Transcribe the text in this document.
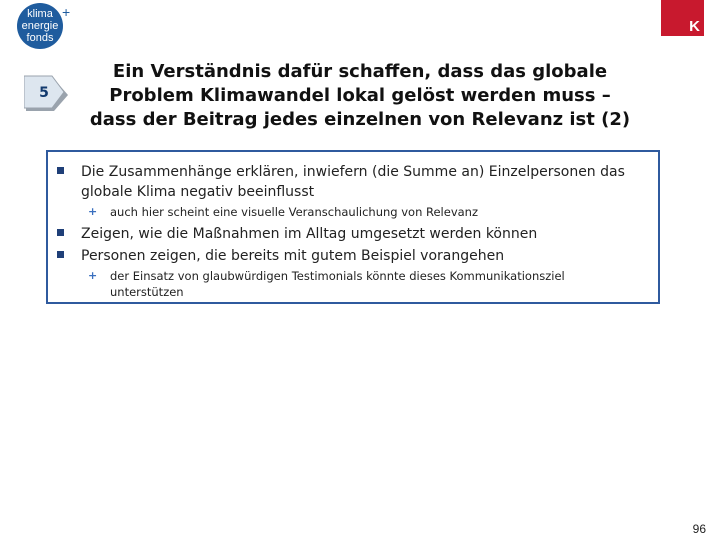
klima
energie
fonds
+
K
5
Ein Verständnis dafür schaffen, dass das globale
Problem Klimawandel lokal gelöst werden muss –
dass der Beitrag jedes einzelnen von Relevanz ist (2)
Die Zusammenhänge erklären, inwiefern (die Summe an) Einzelpersonen das globale Klima negativ beeinflusst
+ auch hier scheint eine visuelle Veranschaulichung von Relevanz
Zeigen, wie die Maßnahmen im Alltag umgesetzt werden können
Personen zeigen, die bereits mit gutem Beispiel vorangehen
+ der Einsatz von glaubwürdigen Testimonials könnte dieses Kommunikationsziel unterstützen
96
